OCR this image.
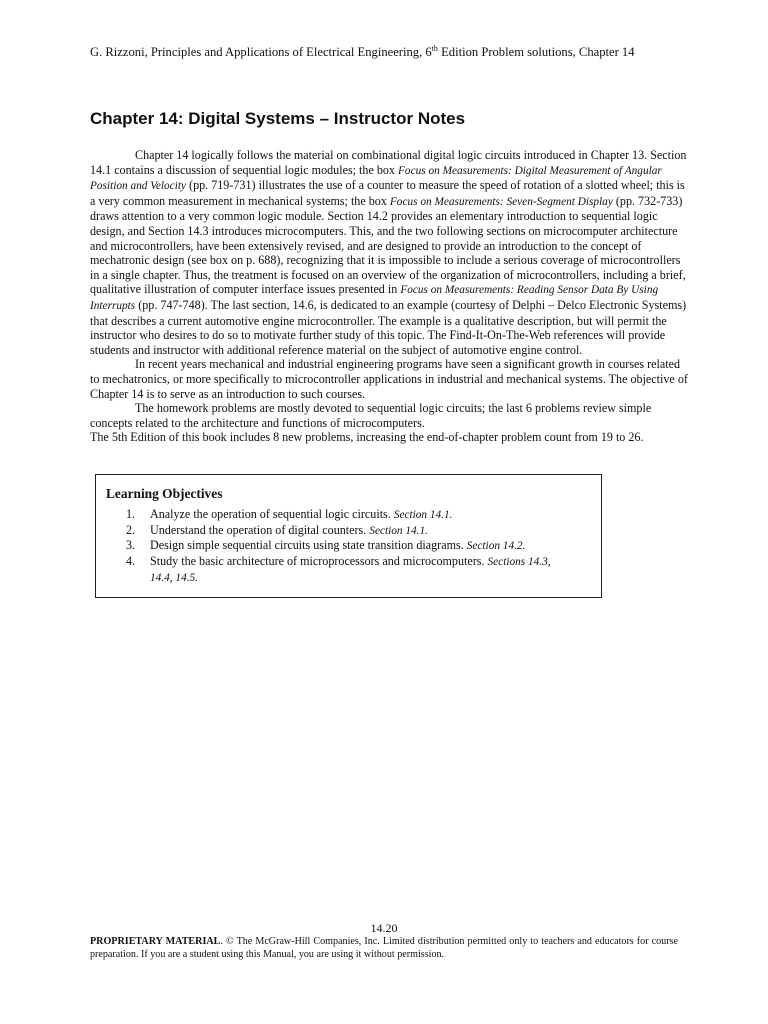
G. Rizzoni, Principles and Applications of Electrical Engineering, 6th Edition Problem solutions, Chapter 14
Chapter 14: Digital Systems – Instructor Notes

Chapter 14 logically follows the material on combinational digital logic circuits introduced in Chapter 13. Section 14.1 contains a discussion of sequential logic modules; the box Focus on Measurements: Digital Measurement of Angular Position and Velocity (pp. 719-731) illustrates the use of a counter to measure the speed of rotation of a slotted wheel; this is a very common measurement in mechanical systems; the box Focus on Measurements: Seven-Segment Display (pp. 732-733) draws attention to a very common logic module. Section 14.2 provides an elementary introduction to sequential logic design, and Section 14.3 introduces microcomputers. This, and the two following sections on microcomputer architecture and microcontrollers, have been extensively revised, and are designed to provide an introduction to the concept of mechatronic design (see box on p. 688), recognizing that it is impossible to include a serious coverage of microcontrollers in a single chapter. Thus, the treatment is focused on an overview of the organization of microcontrollers, including a brief, qualitative illustration of computer interface issues presented in Focus on Measurements: Reading Sensor Data By Using Interrupts (pp. 747-748). The last section, 14.6, is dedicated to an example (courtesy of Delphi – Delco Electronic Systems) that describes a current automotive engine microcontroller. The example is a qualitative description, but will permit the instructor who desires to do so to motivate further study of this topic. The Find-It-On-The-Web references will provide students and instructor with additional reference material on the subject of automotive engine control.

In recent years mechanical and industrial engineering programs have seen a significant growth in courses related to mechatronics, or more specifically to microcontroller applications in industrial and mechanical systems. The objective of Chapter 14 is to serve as an introduction to such courses.

The homework problems are mostly devoted to sequential logic circuits; the last 6 problems review simple concepts related to the architecture and functions of microcomputers.

The 5th Edition of this book includes 8 new problems, increasing the end-of-chapter problem count from 19 to 26.

Learning Objectives
1. Analyze the operation of sequential logic circuits. Section 14.1.
2. Understand the operation of digital counters. Section 14.1.
3. Design simple sequential circuits using state transition diagrams. Section 14.2.
4. Study the basic architecture of microprocessors and microcomputers. Sections 14.3, 14.4, 14.5.
14.20
PROPRIETARY MATERIAL. © The McGraw-Hill Companies, Inc. Limited distribution permitted only to teachers and educators for course preparation. If you are a student using this Manual, you are using it without permission.
